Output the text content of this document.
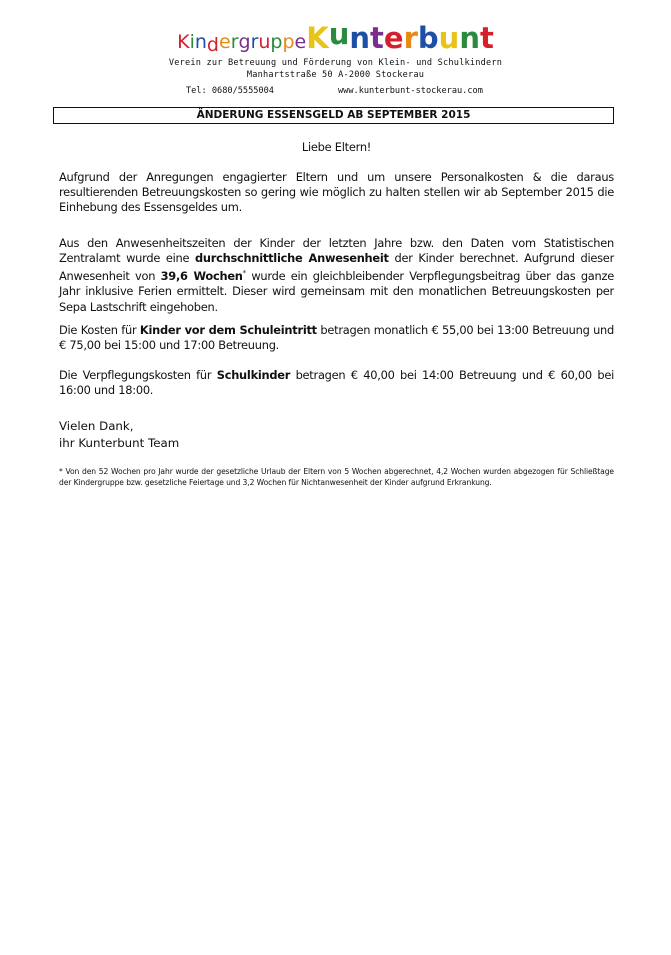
KindergruppeKunterbunt
Verein zur Betreuung und Förderung von Klein- und Schulkindern
Manhartstraße 50 A-2000 Stockerau
Tel: 0680/5555004	www.kunterbunt-stockerau.com
ÄNDERUNG ESSENSGELD AB SEPTEMBER 2015
Liebe Eltern!

Aufgrund der Anregungen engagierter Eltern und um unsere Personalkosten & die daraus resultierenden Betreuungskosten so gering wie möglich zu halten stellen wir ab September 2015 die Einhebung des Essensgeldes um.

Aus den Anwesenheitszeiten der Kinder der letzten Jahre bzw. den Daten vom Statistischen Zentralamt wurde eine durchschnittliche Anwesenheit der Kinder berechnet. Aufgrund dieser Anwesenheit von 39,6 Wochen* wurde ein gleichbleibender Verpflegungsbeitrag über das ganze Jahr inklusive Ferien ermittelt. Dieser wird gemeinsam mit den monatlichen Betreuungskosten per Sepa Lastschrift eingehoben.

Die Kosten für Kinder vor dem Schuleintritt betragen monatlich € 55,00 bei 13:00 Betreuung und € 75,00 bei 15:00 und 17:00 Betreuung.

Die Verpflegungskosten für Schulkinder betragen € 40,00 bei 14:00 Betreuung und € 60,00 bei 16:00 und 18:00.

Vielen Dank,
ihr Kunterbunt Team
* Von den 52 Wochen pro Jahr wurde der gesetzliche Urlaub der Eltern von 5 Wochen abgerechnet, 4,2 Wochen wurden abgezogen für Schließtage der Kindergruppe bzw. gesetzliche Feiertage und 3,2 Wochen für Nichtanwesenheit der Kinder aufgrund Erkrankung.
